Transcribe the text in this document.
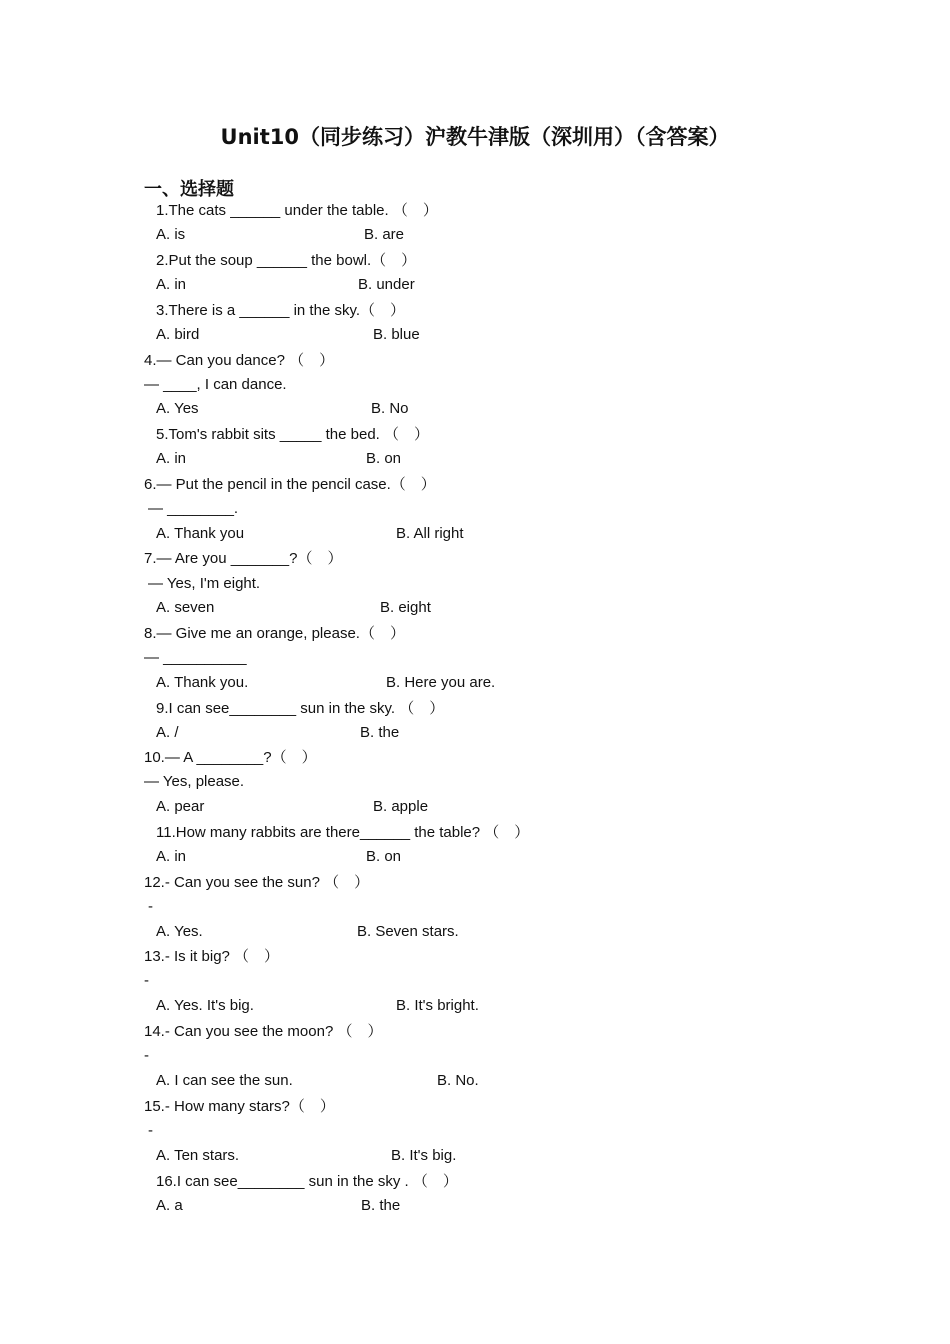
Unit10（同步练习）沪教牛津版（深圳用）（含答案）
一、选择题
1.The cats ______ under the table. （　）
A. is	B. are
2.Put the soup ______ the bowl.（　）
A. in	B. under
3.There is a ______ in the sky.（　）
A. bird	B. blue
4.— Can you dance? （　）
— ____, I can dance.
A. Yes	B. No
5.Tom's rabbit sits _____ the bed. （　）
A. in	B. on
6.— Put the pencil in the pencil case.（　）
— ________.
A. Thank you	B. All right
7.— Are you _______?（　）
— Yes, I'm eight.
A. seven	B. eight
8.— Give me an orange, please.（　）
— __________
A. Thank you.	B. Here you are.
9.I can see________ sun in the sky. （　）
A. /	B. the
10.— A ________?（　）
— Yes, please.
A. pear	B. apple
11.How many rabbits are there______ the table? （　）
A. in	B. on
12.- Can you see the sun? （　）
-
A. Yes.	B. Seven stars.
13.- Is it big? （　）
-
A. Yes. It's big.	B. It's bright.
14.- Can you see the moon? （　）
-
A. I can see the sun.	B. No.
15.- How many stars?（　）
-
A. Ten stars.	B. It's big.
16.I can see________ sun in the sky . （　）
A. a	B. the
